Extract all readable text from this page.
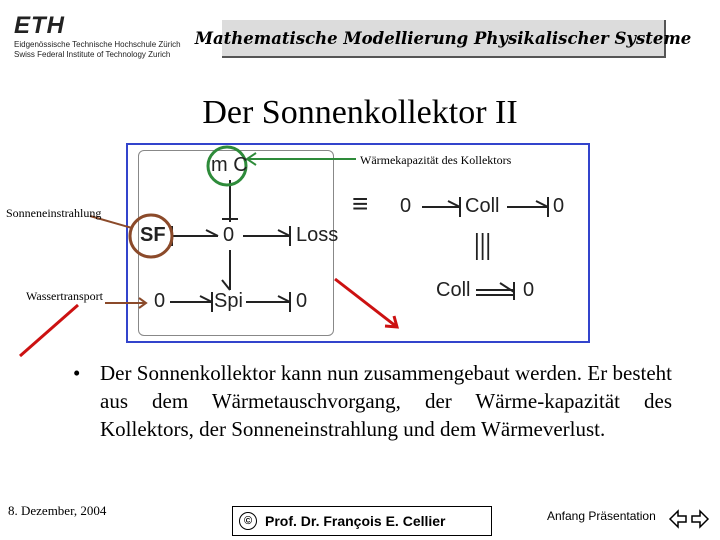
ETH
Eidgenössische Technische Hochschule Zürich
Swiss Federal Institute of Technology Zurich
Mathematische Modellierung Physikalischer Systeme
Der Sonnenkollektor II
m C
SF	0	Loss
0 Spi	0
≡ 0	Coll	0
|||
Coll	0
Wärmekapazität des Kollektors
Sonneneinstrahlung
Wassertransport
• Der Sonnenkollektor kann nun zusammengebaut werden. Er besteht aus dem Wärmetauschvorgang, der Wärme-kapazität des Kollektors, der Sonneneinstrahlung und dem Wärmeverlust.
8. Dezember, 2004
© Prof. Dr. François E. Cellier	Anfang Präsentation
